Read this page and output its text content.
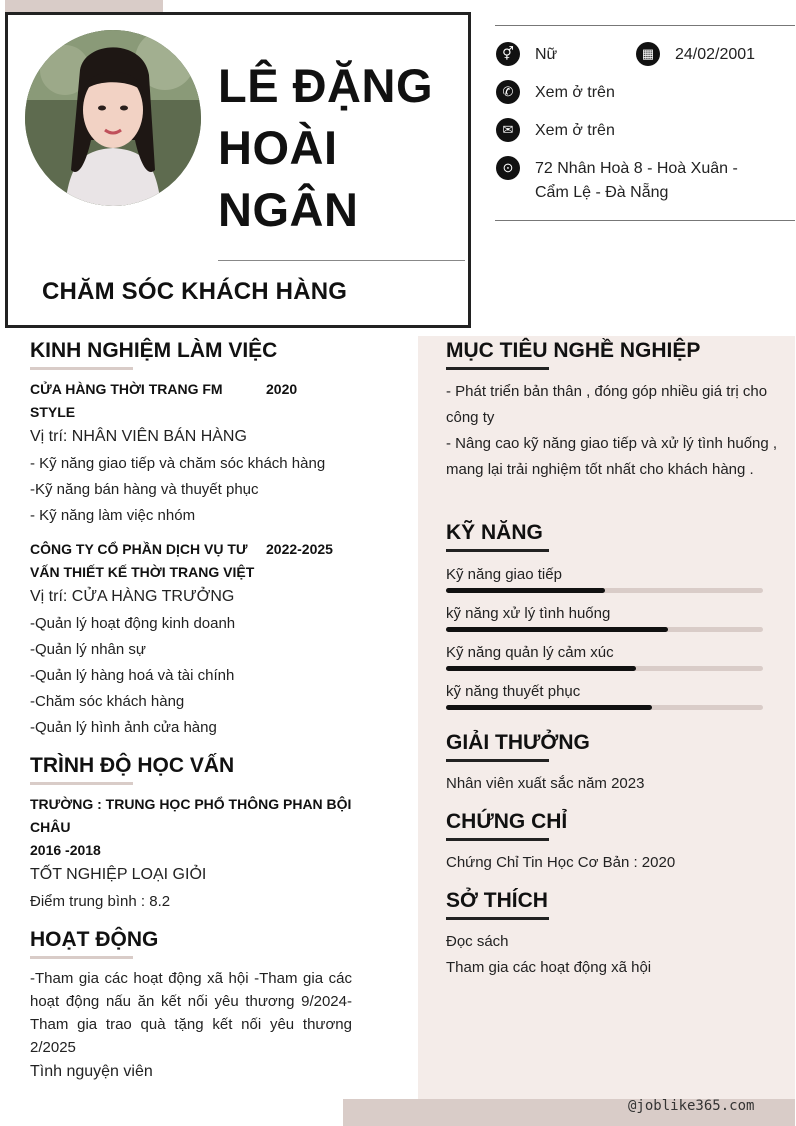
@joblike365.com
LÊ ĐẶNG
HOÀI
NGÂN
CHĂM SÓC KHÁCH HÀNG
⚥	Nữ	▦	24/02/2001
✆	Xem ở trên
✉	Xem ở trên
⊙	72 Nhân Hoà 8 - Hoà Xuân -
Cẩm Lệ - Đà Nẵng
KINH NGHIỆM LÀM VIỆC
CỬA HÀNG THỜI TRANG FM
STYLE
2020
Vị trí: NHÂN VIÊN BÁN HÀNG
- Kỹ năng giao tiếp và chăm sóc khách hàng
-Kỹ năng bán hàng và thuyết phục
- Kỹ năng làm việc nhóm
CÔNG TY CỔ PHẦN DỊCH VỤ TƯ
VẤN THIẾT KẾ THỜI TRANG VIỆT
2022-2025
Vị trí: CỬA HÀNG TRƯỞNG
-Quản lý hoạt động kinh doanh
-Quản lý nhân sự
-Quản lý hàng hoá và tài chính
-Chăm sóc khách hàng
-Quản lý hình ảnh cửa hàng
TRÌNH ĐỘ HỌC VẤN
TRƯỜNG : TRUNG HỌC PHỔ THÔNG PHAN BỘI
CHÂU
2016 -2018
TỐT NGHIỆP LOẠI GIỎI
Điểm trung bình : 8.2
HOẠT ĐỘNG
-Tham gia các hoạt động xã hội -Tham gia các
hoạt động nấu ăn kết nối yêu thương 9/2024-
Tham gia trao quà tặng kết nối yêu thương
2/2025
Tình nguyện viên
MỤC TIÊU NGHỀ NGHIỆP
- Phát triển bản thân , đóng góp nhiều giá trị cho
công ty
- Nâng cao kỹ năng giao tiếp và xử lý tình huống ,
mang lại trải nghiệm tốt nhất cho khách hàng .
KỸ NĂNG
Kỹ năng giao tiếp
kỹ năng xử lý tình huống
Kỹ năng quản lý cảm xúc
kỹ năng thuyết phục
GIẢI THƯỞNG
Nhân viên xuất sắc năm 2023
CHỨNG CHỈ
Chứng Chỉ Tin Học Cơ Bản : 2020
SỞ THÍCH
Đọc sách
Tham gia các hoạt động xã hội
